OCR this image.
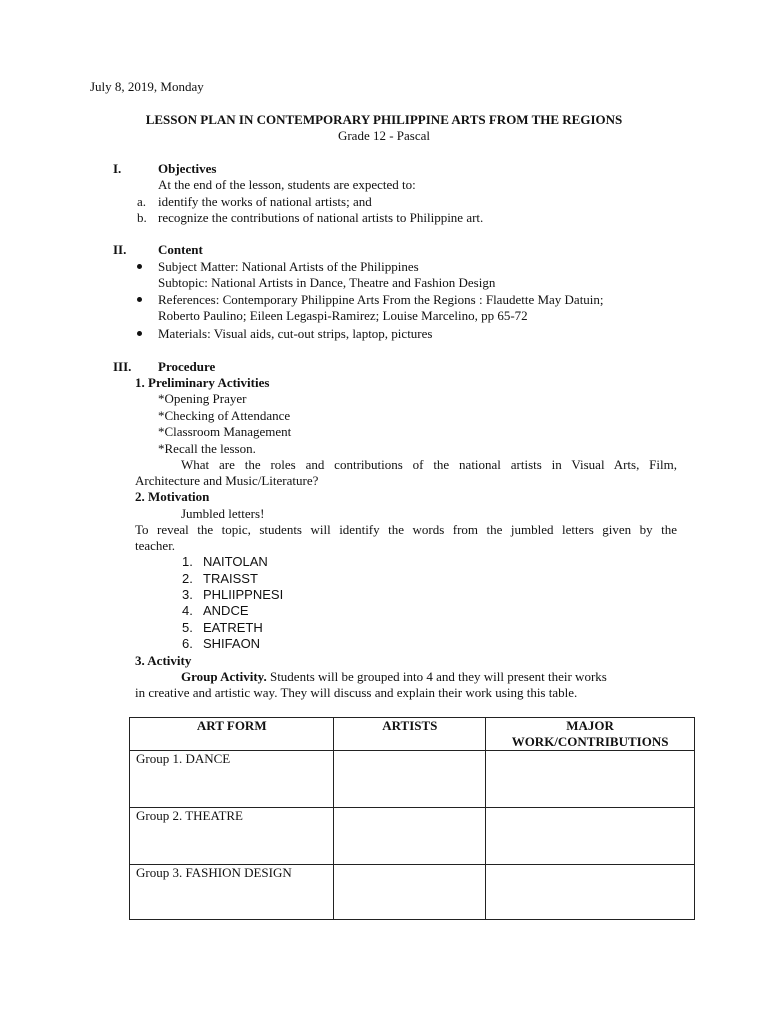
July 8, 2019, Monday
LESSON PLAN IN CONTEMPORARY PHILIPPINE ARTS FROM THE REGIONS
Grade 12 - Pascal
I.	Objectives
At the end of the lesson, students are expected to:
a. identify the works of national artists; and
b. recognize the contributions of national artists to Philippine art.
II. Content
Subject Matter: National Artists of the Philippines
Subtopic: National Artists in Dance, Theatre and Fashion Design
References: Contemporary Philippine Arts From the Regions : Flaudette May Datuin;
Roberto Paulino; Eileen Legaspi-Ramirez; Louise Marcelino, pp 65-72
Materials: Visual aids, cut-out strips, laptop, pictures
III. Procedure
1. Preliminary Activities
*Opening Prayer
*Checking of Attendance
*Classroom Management
*Recall the lesson.
What are the roles and contributions of the national artists in Visual Arts, Film,
Architecture and Music/Literature?
2. Motivation
Jumbled letters!
To reveal the topic, students will identify the words from the jumbled letters given by the
teacher.
1. NAITOLAN
2. TRAISST
3. PHLIIPPNESI
4. ANDCE
5. EATRETH
6. SHIFAON
3. Activity
Group Activity. Students will be grouped into 4 and they will present their works
in creative and artistic way. They will discuss and explain their work using this table.
ART FORM	ARTISTS	MAJOR
WORK/CONTRIBUTIONS

Group 1. DANCE		
Group 2. THEATRE		
Group 3. FASHION DESIGN		
